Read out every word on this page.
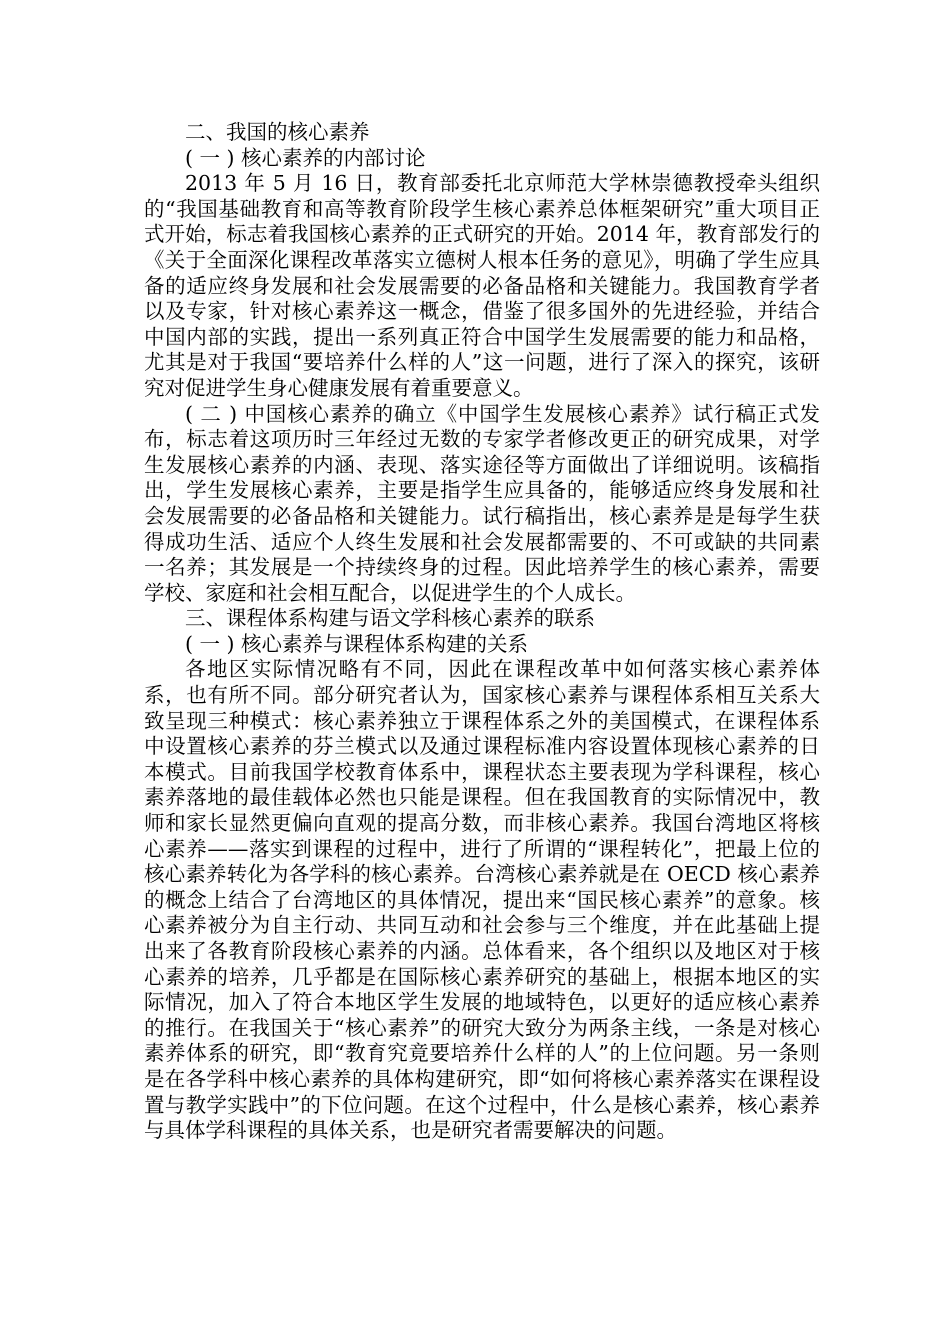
二、我国的核心素养

( 一 ) 核心素养的内部讨论

2013 年 5 月 16 日，教育部委托北京师范大学林崇德教授牵头组织的“我国基础教育和高等教育阶段学生核心素养总体框架研究”重大项目正式开始，标志着我国核心素养的正式研究的开始。2014 年，教育部发行的《关于全面深化课程改革落实立德树人根本任务的意见》，明确了学生应具备的适应终身发展和社会发展需要的必备品格和关键能力。我国教育学者以及专家，针对核心素养这一概念，借鉴了很多国外的先进经验，并结合中国内部的实践，提出一系列真正符合中国学生发展需要的能力和品格，尤其是对于我国“要培养什么样的人”这一问题，进行了深入的探究，该研究对促进学生身心健康发展有着重要意义。

( 二 ) 中国核心素养的确立《中国学生发展核心素养》试行稿正式发布，标志着这项历时三年经过无数的专家学者修改更正的研究成果，对学生发展核心素养的内涵、表现、落实途径等方面做出了详细说明。该稿指出，学生发展核心素养，主要是指学生应具备的，能够适应终身发展和社会发展需要的必备品格和关键能力。试行稿指出，核心素养是是每学生获得成功生活、适应个人终生发展和社会发展都需要的、不可或缺的共同素一名养；其发展是一个持续终身的过程。因此培养学生的核心素养，需要学校、家庭和社会相互配合，以促进学生的个人成长。

三、课程体系构建与语文学科核心素养的联系

( 一 ) 核心素养与课程体系构建的关系

各地区实际情况略有不同，因此在课程改革中如何落实核心素养体系，也有所不同。部分研究者认为，国家核心素养与课程体系相互关系大致呈现三种模式：核心素养独立于课程体系之外的美国模式，在课程体系中设置核心素养的芬兰模式以及通过课程标准内容设置体现核心素养的日本模式。目前我国学校教育体系中，课程状态主要表现为学科课程，核心素养落地的最佳载体必然也只能是课程。但在我国教育的实际情况中，教师和家长显然更偏向直观的提高分数，而非核心素养。我国台湾地区将核心素养——落实到课程的过程中，进行了所谓的“课程转化”，把最上位的核心素养转化为各学科的核心素养。台湾核心素养就是在 OECD 核心素养的概念上结合了台湾地区的具体情况，提出来“国民核心素养”的意象。核心素养被分为自主行动、共同互动和社会参与三个维度，并在此基础上提出来了各教育阶段核心素养的内涵。总体看来，各个组织以及地区对于核心素养的培养，几乎都是在国际核心素养研究的基础上，根据本地区的实际情况，加入了符合本地区学生发展的地域特色，以更好的适应核心素养的推行。在我国关于“核心素养”的研究大致分为两条主线，一条是对核心素养体系的研究，即“教育究竟要培养什么样的人”的上位问题。另一条则是在各学科中核心素养的具体构建研究，即“如何将核心素养落实在课程设置与教学实践中”的下位问题。在这个过程中，什么是核心素养，核心素养与具体学科课程的具体关系，也是研究者需要解决的问题。
